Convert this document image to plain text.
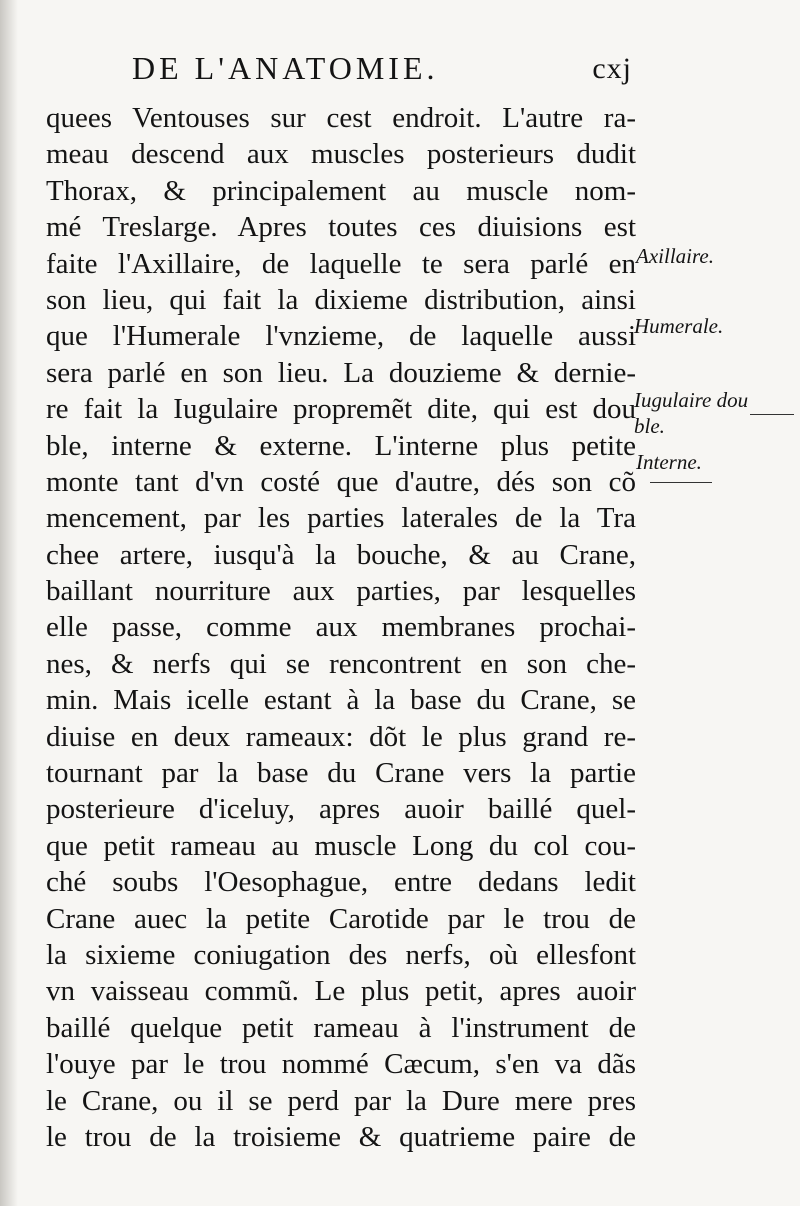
DE L'ANATOMIE.	cxj
quees Ventouses sur cest endroit. L'autre ra-
meau descend aux muscles posterieurs dudit
Thorax, & principalement au muscle nom-
mé Treslarge. Apres toutes ces diuisions est
faite l'Axillaire, de laquelle te sera parlé en
son lieu, qui fait la dixieme distribution, ainsi
que l'Humerale l'vnzieme, de laquelle aussi
sera parlé en son lieu. La douzieme & dernie-
re fait la Iugulaire propremẽt dite, qui est dou
ble, interne & externe. L'interne plus petite
monte tant d'vn costé que d'autre, dés son cõ
mencement, par les parties laterales de la Tra
chee artere, iusqu'à la bouche, & au Crane,
baillant nourriture aux parties, par lesquelles
elle passe, comme aux membranes prochai-
nes, & nerfs qui se rencontrent en son che-
min. Mais icelle estant à la base du Crane, se
diuise en deux rameaux: dõt le plus grand re-
tournant par la base du Crane vers la partie
posterieure d'iceluy, apres auoir baillé quel-
que petit rameau au muscle Long du col cou-
ché soubs l'Oesophague, entre dedans ledit
Crane auec la petite Carotide par le trou de
la sixieme coniugation des nerfs, où ellesfont
vn vaisseau commũ. Le plus petit, apres auoir
baillé quelque petit rameau à l'instrument de
l'ouye par le trou nommé Cæcum, s'en va dãs
le Crane, ou il se perd par la Dure mere pres
le trou de la troisieme & quatrieme paire de
Axillaire.
Humerale.
Iugulaire dou
ble.
Interne.
